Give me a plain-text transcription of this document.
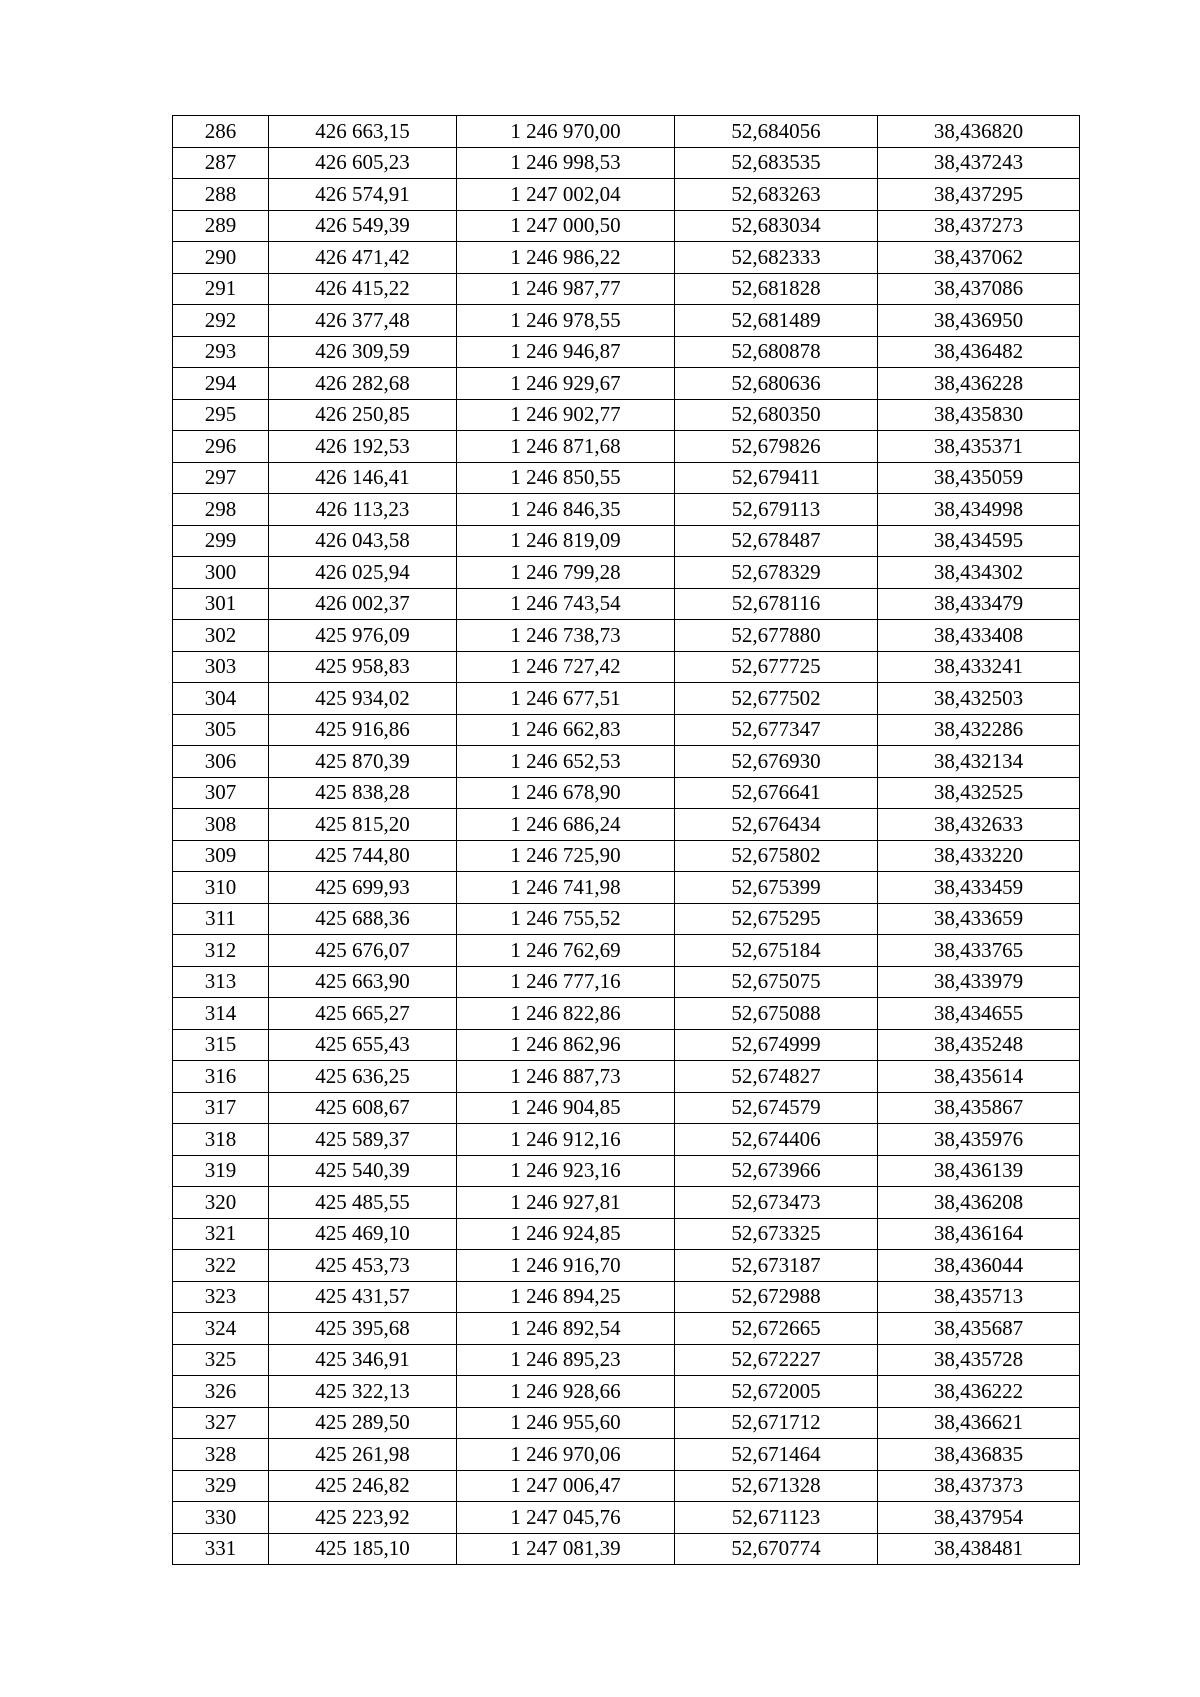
286	426 663,15	1 246 970,00	52,684056	38,436820
287	426 605,23	1 246 998,53	52,683535	38,437243
288	426 574,91	1 247 002,04	52,683263	38,437295
289	426 549,39	1 247 000,50	52,683034	38,437273
290	426 471,42	1 246 986,22	52,682333	38,437062
291	426 415,22	1 246 987,77	52,681828	38,437086
292	426 377,48	1 246 978,55	52,681489	38,436950
293	426 309,59	1 246 946,87	52,680878	38,436482
294	426 282,68	1 246 929,67	52,680636	38,436228
295	426 250,85	1 246 902,77	52,680350	38,435830
296	426 192,53	1 246 871,68	52,679826	38,435371
297	426 146,41	1 246 850,55	52,679411	38,435059
298	426 113,23	1 246 846,35	52,679113	38,434998
299	426 043,58	1 246 819,09	52,678487	38,434595
300	426 025,94	1 246 799,28	52,678329	38,434302
301	426 002,37	1 246 743,54	52,678116	38,433479
302	425 976,09	1 246 738,73	52,677880	38,433408
303	425 958,83	1 246 727,42	52,677725	38,433241
304	425 934,02	1 246 677,51	52,677502	38,432503
305	425 916,86	1 246 662,83	52,677347	38,432286
306	425 870,39	1 246 652,53	52,676930	38,432134
307	425 838,28	1 246 678,90	52,676641	38,432525
308	425 815,20	1 246 686,24	52,676434	38,432633
309	425 744,80	1 246 725,90	52,675802	38,433220
310	425 699,93	1 246 741,98	52,675399	38,433459
311	425 688,36	1 246 755,52	52,675295	38,433659
312	425 676,07	1 246 762,69	52,675184	38,433765
313	425 663,90	1 246 777,16	52,675075	38,433979
314	425 665,27	1 246 822,86	52,675088	38,434655
315	425 655,43	1 246 862,96	52,674999	38,435248
316	425 636,25	1 246 887,73	52,674827	38,435614
317	425 608,67	1 246 904,85	52,674579	38,435867
318	425 589,37	1 246 912,16	52,674406	38,435976
319	425 540,39	1 246 923,16	52,673966	38,436139
320	425 485,55	1 246 927,81	52,673473	38,436208
321	425 469,10	1 246 924,85	52,673325	38,436164
322	425 453,73	1 246 916,70	52,673187	38,436044
323	425 431,57	1 246 894,25	52,672988	38,435713
324	425 395,68	1 246 892,54	52,672665	38,435687
325	425 346,91	1 246 895,23	52,672227	38,435728
326	425 322,13	1 246 928,66	52,672005	38,436222
327	425 289,50	1 246 955,60	52,671712	38,436621
328	425 261,98	1 246 970,06	52,671464	38,436835
329	425 246,82	1 247 006,47	52,671328	38,437373
330	425 223,92	1 247 045,76	52,671123	38,437954
331	425 185,10	1 247 081,39	52,670774	38,438481
